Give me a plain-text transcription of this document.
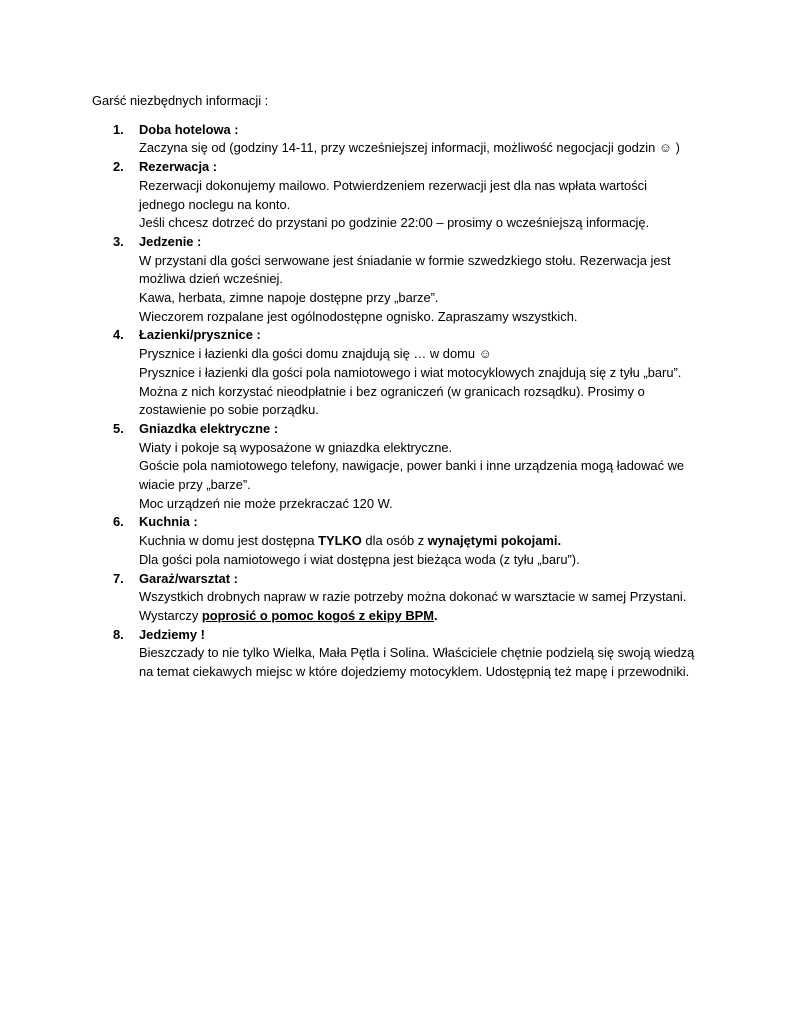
Garść niezbędnych informacji :

1. Doba hotelowa :
Zaczyna się od (godziny 14-11, przy wcześniejszej informacji, możliwość negocjacji godzin ☺ )
2. Rezerwacja :
Rezerwacji dokonujemy mailowo. Potwierdzeniem rezerwacji jest dla nas wpłata wartości
jednego noclegu na konto.
Jeśli chcesz dotrzeć do przystani po godzinie 22:00 – prosimy o wcześniejszą informację.
3. Jedzenie :
W przystani dla gości serwowane jest śniadanie w formie szwedzkiego stołu. Rezerwacja jest
możliwa dzień wcześniej.
Kawa, herbata, zimne napoje dostępne przy „barze”.
Wieczorem rozpalane jest ogólnodostępne ognisko. Zapraszamy wszystkich.
4. Łazienki/prysznice :
Prysznice i łazienki dla gości domu znajdują się … w domu ☺
Prysznice i łazienki dla gości pola namiotowego i wiat motocyklowych znajdują się z tyłu „baru”.
Można z nich korzystać nieodpłatnie i bez ograniczeń (w granicach rozsądku). Prosimy o
zostawienie po sobie porządku.
5. Gniazdka elektryczne :
Wiaty i pokoje są wyposażone w gniazdka elektryczne.
Goście pola namiotowego telefony, nawigacje, power banki i inne urządzenia mogą ładować we
wiacie przy „barze”.
Moc urządzeń nie może przekraczać 120 W.
6. Kuchnia :
Kuchnia w domu jest dostępna TYLKO dla osób z wynajętymi pokojami.
Dla gości pola namiotowego i wiat dostępna jest bieżąca woda (z tyłu „baru”).
7. Garaż/warsztat :
Wszystkich drobnych napraw w razie potrzeby można dokonać w warsztacie w samej Przystani.
Wystarczy poprosić o pomoc kogoś z ekipy BPM.
8. Jedziemy !
Bieszczady to nie tylko Wielka, Mała Pętla i Solina. Właściciele chętnie podzielą się swoją wiedzą
na temat ciekawych miejsc w które dojedziemy motocyklem. Udostępnią też mapę i przewodniki.
